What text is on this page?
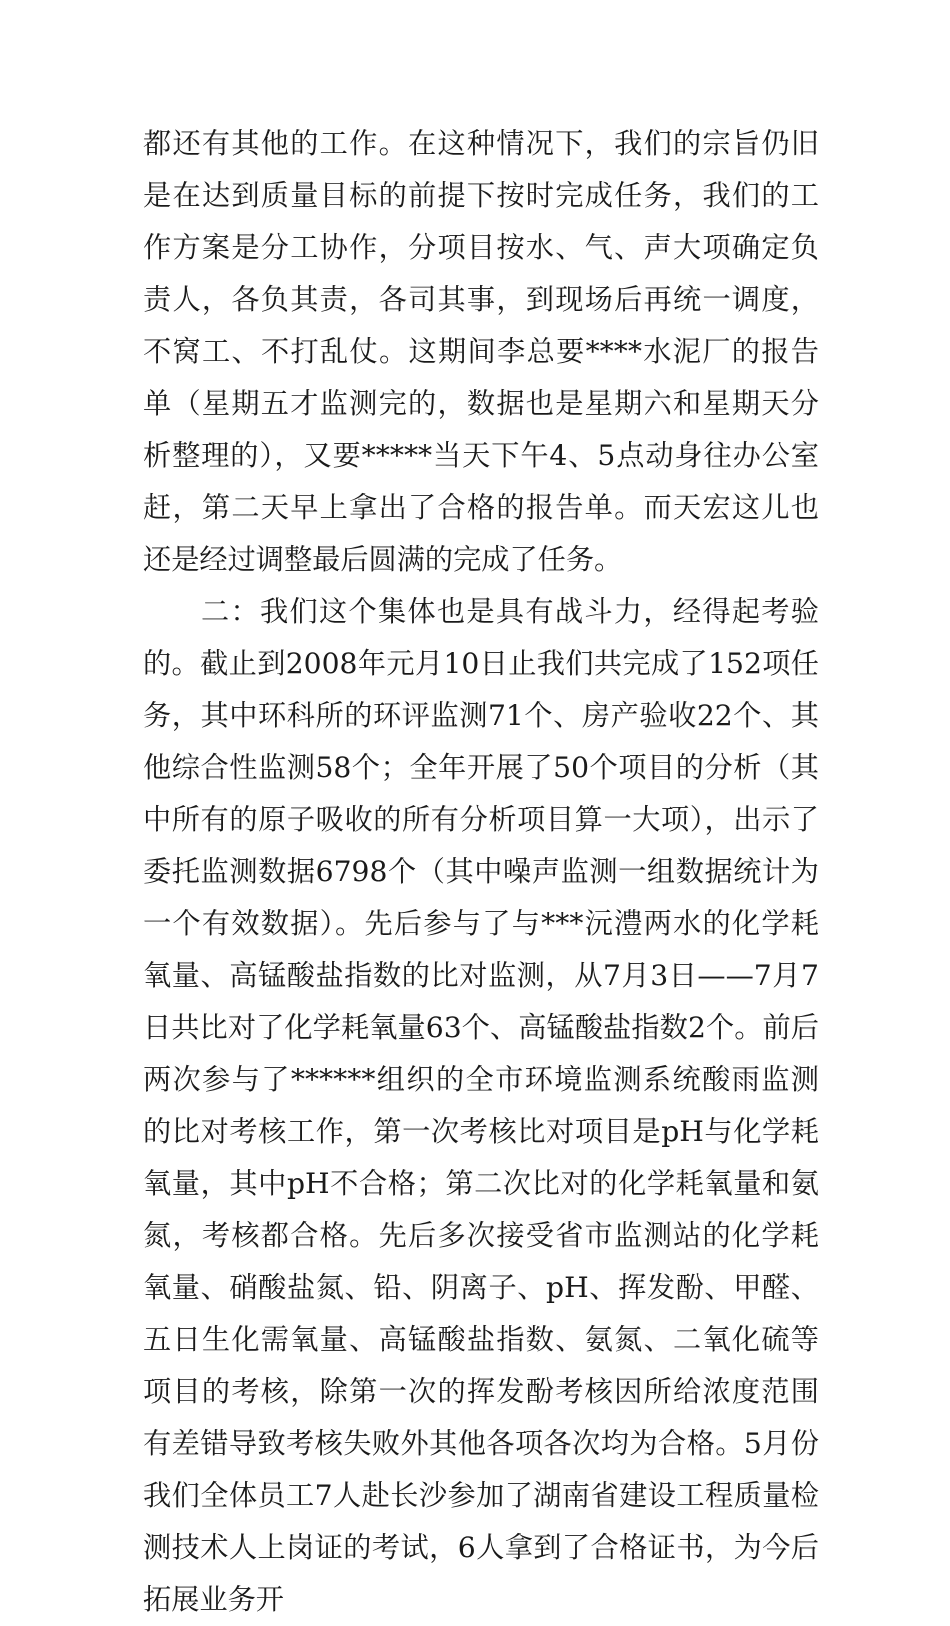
都还有其他的工作。在这种情况下，我们的宗旨仍旧是在达到质量目标的前提下按时完成任务，我们的工作方案是分工协作，分项目按水、气、声大项确定负责人，各负其责，各司其事，到现场后再统一调度，不窝工、不打乱仗。这期间李总要****水泥厂的报告单（星期五才监测完的，数据也是星期六和星期天分析整理的），又要*****当天下午4、5点动身往办公室赶，第二天早上拿出了合格的报告单。而天宏这儿也还是经过调整最后圆满的完成了任务。

二：我们这个集体也是具有战斗力，经得起考验的。截止到2008年元月10日止我们共完成了152项任务，其中环科所的环评监测71个、房产验收22个、其他综合性监测58个；全年开展了50个项目的分析（其中所有的原子吸收的所有分析项目算一大项），出示了委托监测数据6798个（其中噪声监测一组数据统计为一个有效数据）。先后参与了与***沅澧两水的化学耗氧量、高锰酸盐指数的比对监测，从7月3日——7月7日共比对了化学耗氧量63个、高锰酸盐指数2个。前后两次参与了******组织的全市环境监测系统酸雨监测的比对考核工作，第一次考核比对项目是pH与化学耗氧量，其中pH不合格；第二次比对的化学耗氧量和氨氮，考核都合格。先后多次接受省市监测站的化学耗氧量、硝酸盐氮、铅、阴离子、pH、挥发酚、甲醛、五日生化需氧量、高锰酸盐指数、氨氮、二氧化硫等项目的考核，除第一次的挥发酚考核因所给浓度范围有差错导致考核失败外其他各项各次均为合格。5月份我们全体员工7人赴长沙参加了湖南省建设工程质量检测技术人上岗证的考试，6人拿到了合格证书，为今后拓展业务开
